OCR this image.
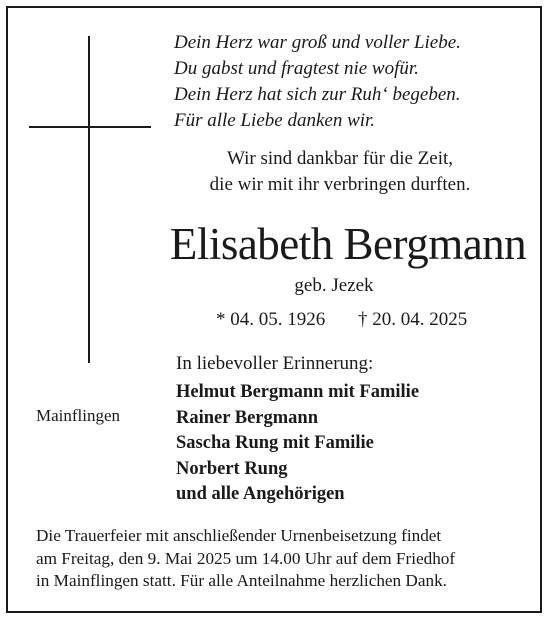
Dein Herz war groß und voller Liebe.
Du gabst und fragtest nie wofür.
Dein Herz hat sich zur Ruh‘ begeben.
Für alle Liebe danken wir.
Wir sind dankbar für die Zeit,
die wir mit ihr verbringen durften.
Elisabeth Bergmann
geb. Jezek
* 04. 05. 1926 † 20. 04. 2025
In liebevoller Erinnerung:
Helmut Bergmann mit Familie
Rainer Bergmann
Sascha Rung mit Familie
Norbert Rung
und alle Angehörigen
Mainflingen
Die Trauerfeier mit anschließender Urnenbeisetzung findet
am Freitag, den 9. Mai 2025 um 14.00 Uhr auf dem Friedhof
in Mainflingen statt. Für alle Anteilnahme herzlichen Dank.
